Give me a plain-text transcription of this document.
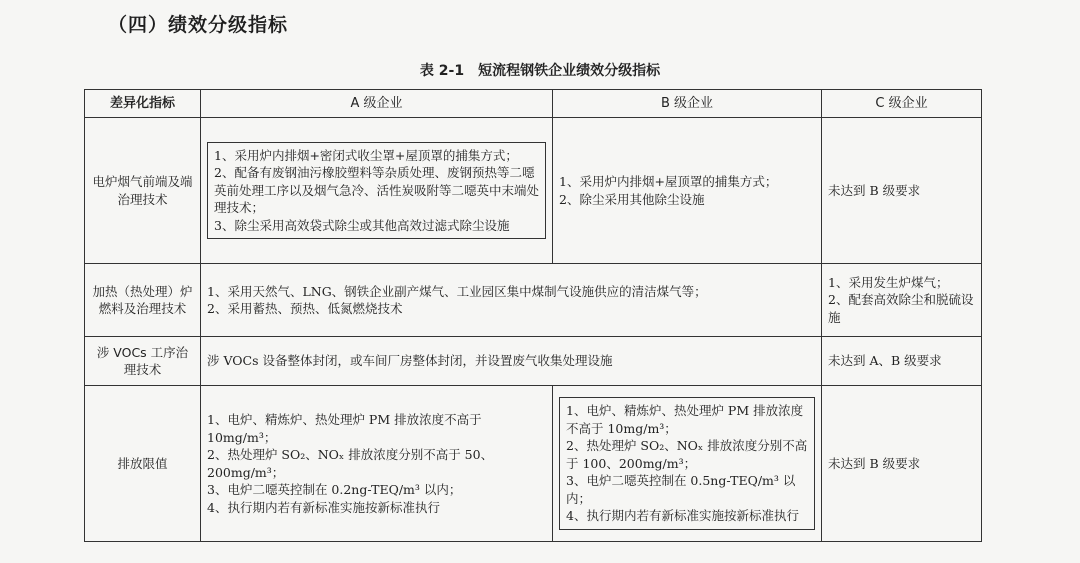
（四）绩效分级指标
表 2-1 短流程钢铁企业绩效分级指标
差异化指标	A 级企业	B 级企业	C 级企业
电炉烟气前端及端治理技术	1、采用炉内排烟+密闭式收尘罩+屋顶罩的捕集方式；
2、配备有废钢油污橡胶塑料等杂质处理、废钢预热等二噁英前处理工序以及烟气急冷、活性炭吸附等二噁英中末端处理技术；
3、除尘采用高效袋式除尘或其他高效过滤式除尘设施	1、采用炉内排烟+屋顶罩的捕集方式；
2、除尘采用其他除尘设施	未达到 B 级要求

加热（热处理）炉燃料及治理技术	1、采用天然气、LNG、钢铁企业副产煤气、工业园区集中煤制气设施供应的清洁煤气等；
2、采用蓄热、预热、低氮燃烧技术		1、采用发生炉煤气；
2、配套高效除尘和脱硫设施

涉 VOCs 工序治理技术	涉 VOCs 设备整体封闭，或车间厂房整体封闭，并设置废气收集处理设施		未达到 A、B 级要求

排放限值	1、电炉、精炼炉、热处理炉 PM 排放浓度不高于 10mg/m³；
2、热处理炉 SO₂、NOₓ 排放浓度分别不高于 50、200mg/m³；
3、电炉二噁英控制在 0.2ng-TEQ/m³ 以内；
4、执行期内若有新标准实施按新标准执行	1、电炉、精炼炉、热处理炉 PM 排放浓度不高于 10mg/m³；
2、热处理炉 SO₂、NOₓ 排放浓度分别不高于 100、200mg/m³；
3、电炉二噁英控制在 0.5ng-TEQ/m³ 以内；
4、执行期内若有新标准实施按新标准执行	未达到 B 级要求
